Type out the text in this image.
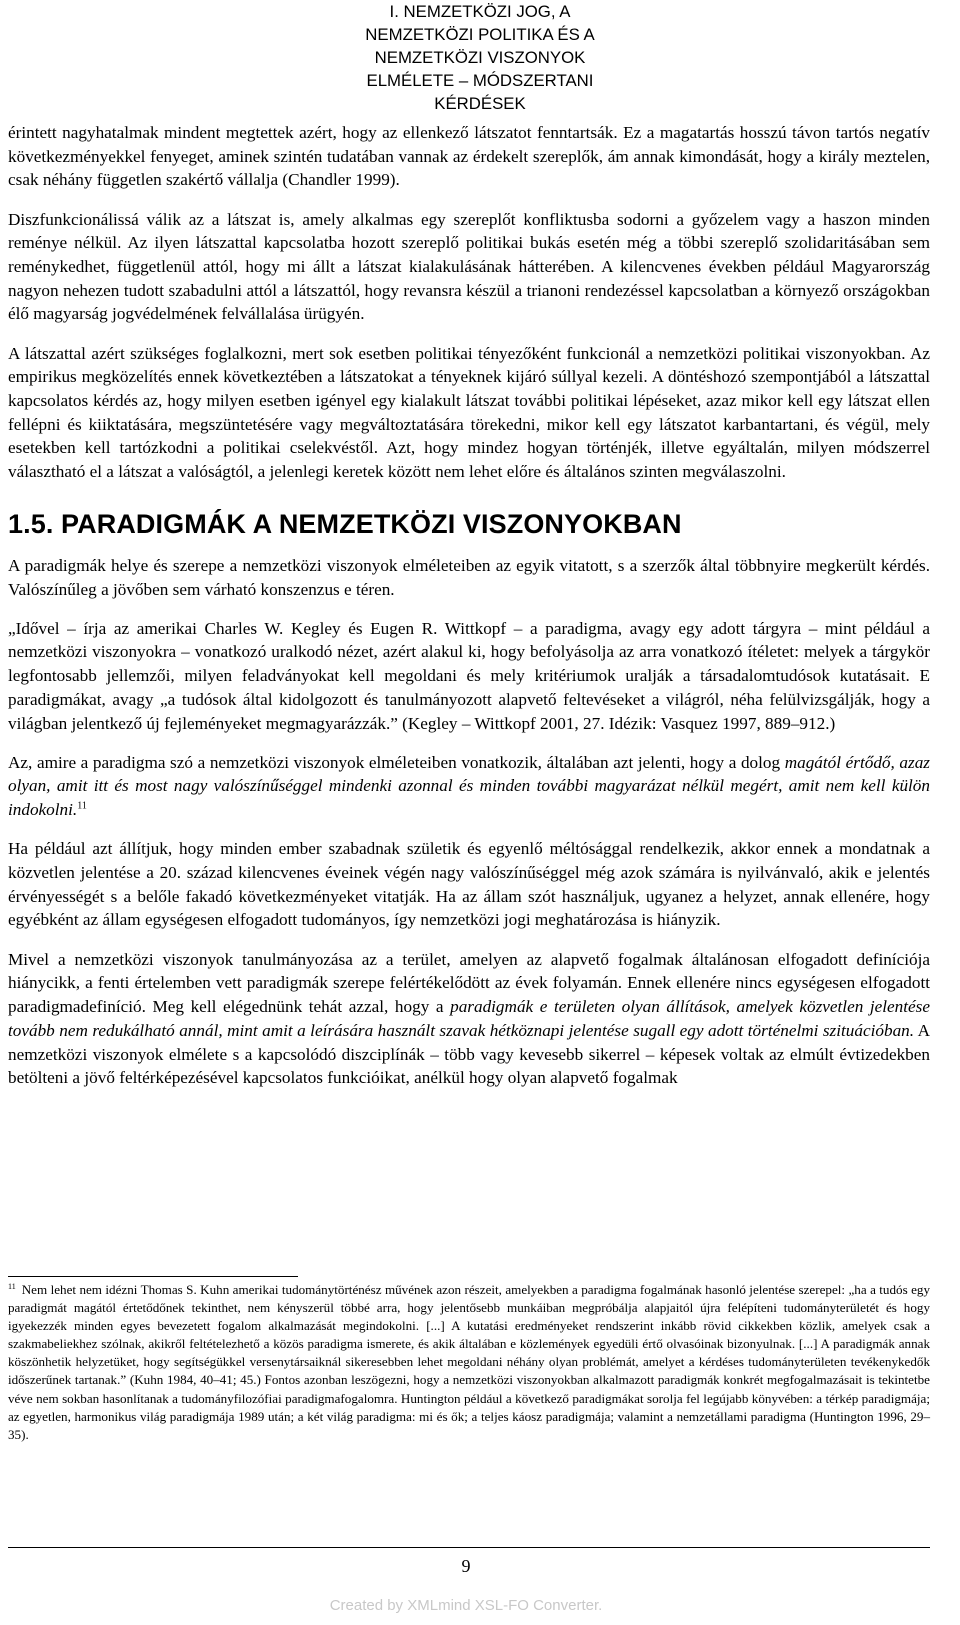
I. NEMZETKÖZI JOG, A
NEMZETKÖZI POLITIKA ÉS A
NEMZETKÖZI VISZONYOK
ELMÉLETE – MÓDSZERTANI
KÉRDÉSEK

érintett nagyhatalmak mindent megtettek azért, hogy az ellenkező látszatot fenntartsák. Ez a magatartás hosszú távon tartós negatív következményekkel fenyeget, aminek szintén tudatában vannak az érdekelt szereplők, ám annak kimondását, hogy a király meztelen, csak néhány független szakértő vállalja (Chandler 1999).

Diszfunkcionálissá válik az a látszat is, amely alkalmas egy szereplőt konfliktusba sodorni a győzelem vagy a haszon minden reménye nélkül. Az ilyen látszattal kapcsolatba hozott szereplő politikai bukás esetén még a többi szereplő szolidaritásában sem reménykedhet, függetlenül attól, hogy mi állt a látszat kialakulásának hátterében. A kilencvenes években például Magyarország nagyon nehezen tudott szabadulni attól a látszattól, hogy revansra készül a trianoni rendezéssel kapcsolatban a környező országokban élő magyarság jogvédelmének felvállalása ürügyén.

A látszattal azért szükséges foglalkozni, mert sok esetben politikai tényezőként funkcionál a nemzetközi politikai viszonyokban. Az empirikus megközelítés ennek következtében a látszatokat a tényeknek kijáró súllyal kezeli. A döntéshozó szempontjából a látszattal kapcsolatos kérdés az, hogy milyen esetben igényel egy kialakult látszat további politikai lépéseket, azaz mikor kell egy látszat ellen fellépni és kiiktatására, megszüntetésére vagy megváltoztatására törekedni, mikor kell egy látszatot karbantartani, és végül, mely esetekben kell tartózkodni a politikai cselekvéstől. Azt, hogy mindez hogyan történjék, illetve egyáltalán, milyen módszerrel választható el a látszat a valóságtól, a jelenlegi keretek között nem lehet előre és általános szinten megválaszolni.

1.5. PARADIGMÁK A NEMZETKÖZI VISZONYOKBAN

A paradigmák helye és szerepe a nemzetközi viszonyok elméleteiben az egyik vitatott, s a szerzők által többnyire megkerült kérdés. Valószínűleg a jövőben sem várható konszenzus e téren.

„Idővel – írja az amerikai Charles W. Kegley és Eugen R. Wittkopf – a paradigma, avagy egy adott tárgyra – mint például a nemzetközi viszonyokra – vonatkozó uralkodó nézet, azért alakul ki, hogy befolyásolja az arra vonatkozó ítéletet: melyek a tárgykör legfontosabb jellemzői, milyen feladványokat kell megoldani és mely kritériumok uralják a társadalomtudósok kutatásait. E paradigmákat, avagy „a tudósok által kidolgozott és tanulmányozott alapvető feltevéseket a világról, néha felülvizsgálják, hogy a világban jelentkező új fejleményeket megmagyarázzák.” (Kegley – Wittkopf 2001, 27. Idézik: Vasquez 1997, 889–912.)

Az, amire a paradigma szó a nemzetközi viszonyok elméleteiben vonatkozik, általában azt jelenti, hogy a dolog magától értődő, azaz olyan, amit itt és most nagy valószínűséggel mindenki azonnal és minden további magyarázat nélkül megért, amit nem kell külön indokolni.$^{11}$

Ha például azt állítjuk, hogy minden ember szabadnak születik és egyenlő méltósággal rendelkezik, akkor ennek a mondatnak a közvetlen jelentése a 20. század kilencvenes éveinek végén nagy valószínűséggel még azok számára is nyilvánvaló, akik e jelentés érvényességét s a belőle fakadó következményeket vitatják. Ha az állam szót használjuk, ugyanez a helyzet, annak ellenére, hogy egyébként az állam egységesen elfogadott tudományos, így nemzetközi jogi meghatározása is hiányzik.

Mivel a nemzetközi viszonyok tanulmányozása az a terület, amelyen az alapvető fogalmak általánosan elfogadott definíciója hiánycikk, a fenti értelemben vett paradigmák szerepe felértékelődött az évek folyamán. Ennek ellenére nincs egységesen elfogadott paradigmadefiníció. Meg kell elégednünk tehát azzal, hogy a paradigmák e területen olyan állítások, amelyek közvetlen jelentése tovább nem redukálható annál, mint amit a leírására használt szavak hétköznapi jelentése sugall egy adott történelmi szituációban. A nemzetközi viszonyok elmélete s a kapcsolódó diszciplínák – több vagy kevesebb sikerrel – képesek voltak az elmúlt évtizedekben betölteni a jövő feltérképezésével kapcsolatos funkcióikat, anélkül hogy olyan alapvető fogalmak

$^{11}$ Nem lehet nem idézni Thomas S. Kuhn amerikai tudománytörténész művének azon részeit, amelyekben a paradigma fogalmának hasonló jelentése szerepel: „ha a tudós egy paradigmát magától értetődőnek tekinthet, nem kényszerül többé arra, hogy jelentősebb munkáiban megpróbálja alapjaitól újra felépíteni tudományterületét és hogy igyekezzék minden egyes bevezetett fogalom alkalmazását megindokolni. [...] A kutatási eredményeket rendszerint inkább rövid cikkekben közlik, amelyek csak a szakmabeliekhez szólnak, akikről feltételezhető a közös paradigma ismerete, és akik általában e közlemények egyedüli értő olvasóinak bizonyulnak. [...] A paradigmák annak köszönhetik helyzetüket, hogy segítségükkel versenytársaiknál sikeresebben lehet megoldani néhány olyan problémát, amelyet a kérdéses tudományterületen tevékenykedők időszerűnek tartanak.” (Kuhn 1984, 40–41; 45.) Fontos azonban leszögezni, hogy a nemzetközi viszonyokban alkalmazott paradigmák konkrét megfogalmazásait is tekintetbe véve nem sokban hasonlítanak a tudományfilozófiai paradigmafogalomra. Huntington például a következő paradigmákat sorolja fel legújabb könyvében: a térkép paradigmája; az egyetlen, harmonikus világ paradigmája 1989 után; a két világ paradigma: mi és ők; a teljes káosz paradigmája; valamint a nemzetállami paradigma (Huntington 1996, 29–35).
9
Created by XMLmind XSL-FO Converter.
